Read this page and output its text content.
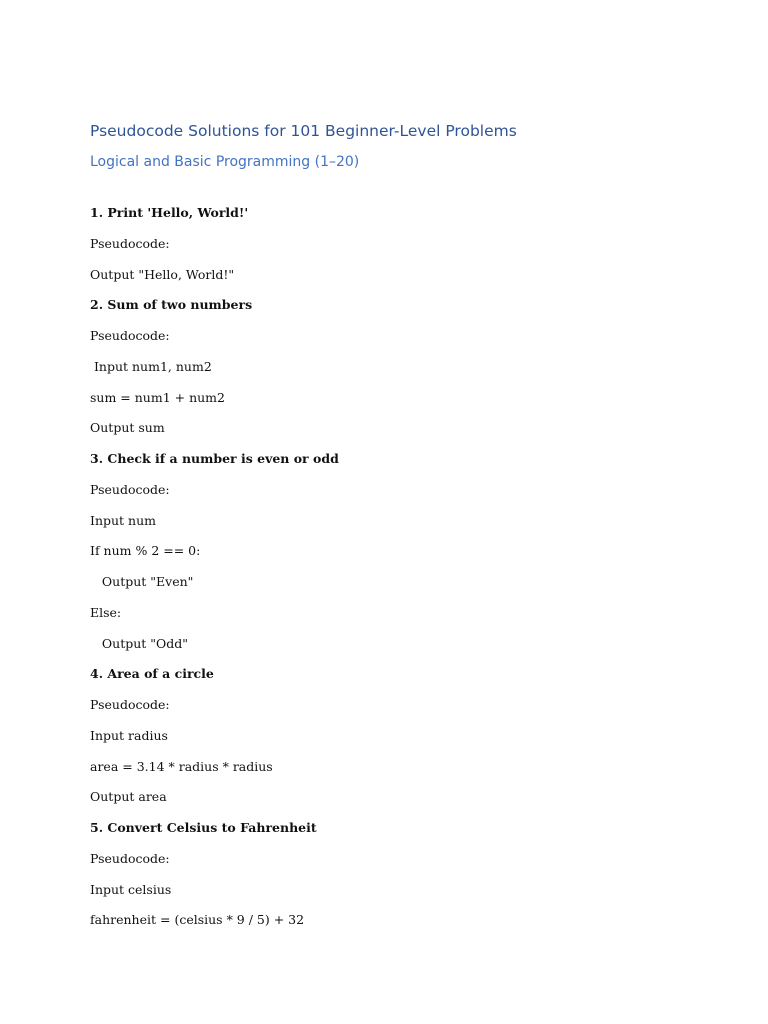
Pseudocode Solutions for 101 Beginner-Level Problems
Logical and Basic Programming (1–20)

1. Print 'Hello, World!'

Pseudocode:

Output "Hello, World!"

2. Sum of two numbers

Pseudocode:

Input num1, num2

sum = num1 + num2

Output sum

3. Check if a number is even or odd

Pseudocode:

Input num

If num % 2 == 0:

Output "Even"

Else:

Output "Odd"

4. Area of a circle

Pseudocode:

Input radius

area = 3.14 * radius * radius

Output area

5. Convert Celsius to Fahrenheit

Pseudocode:

Input celsius

fahrenheit = (celsius * 9 / 5) + 32
